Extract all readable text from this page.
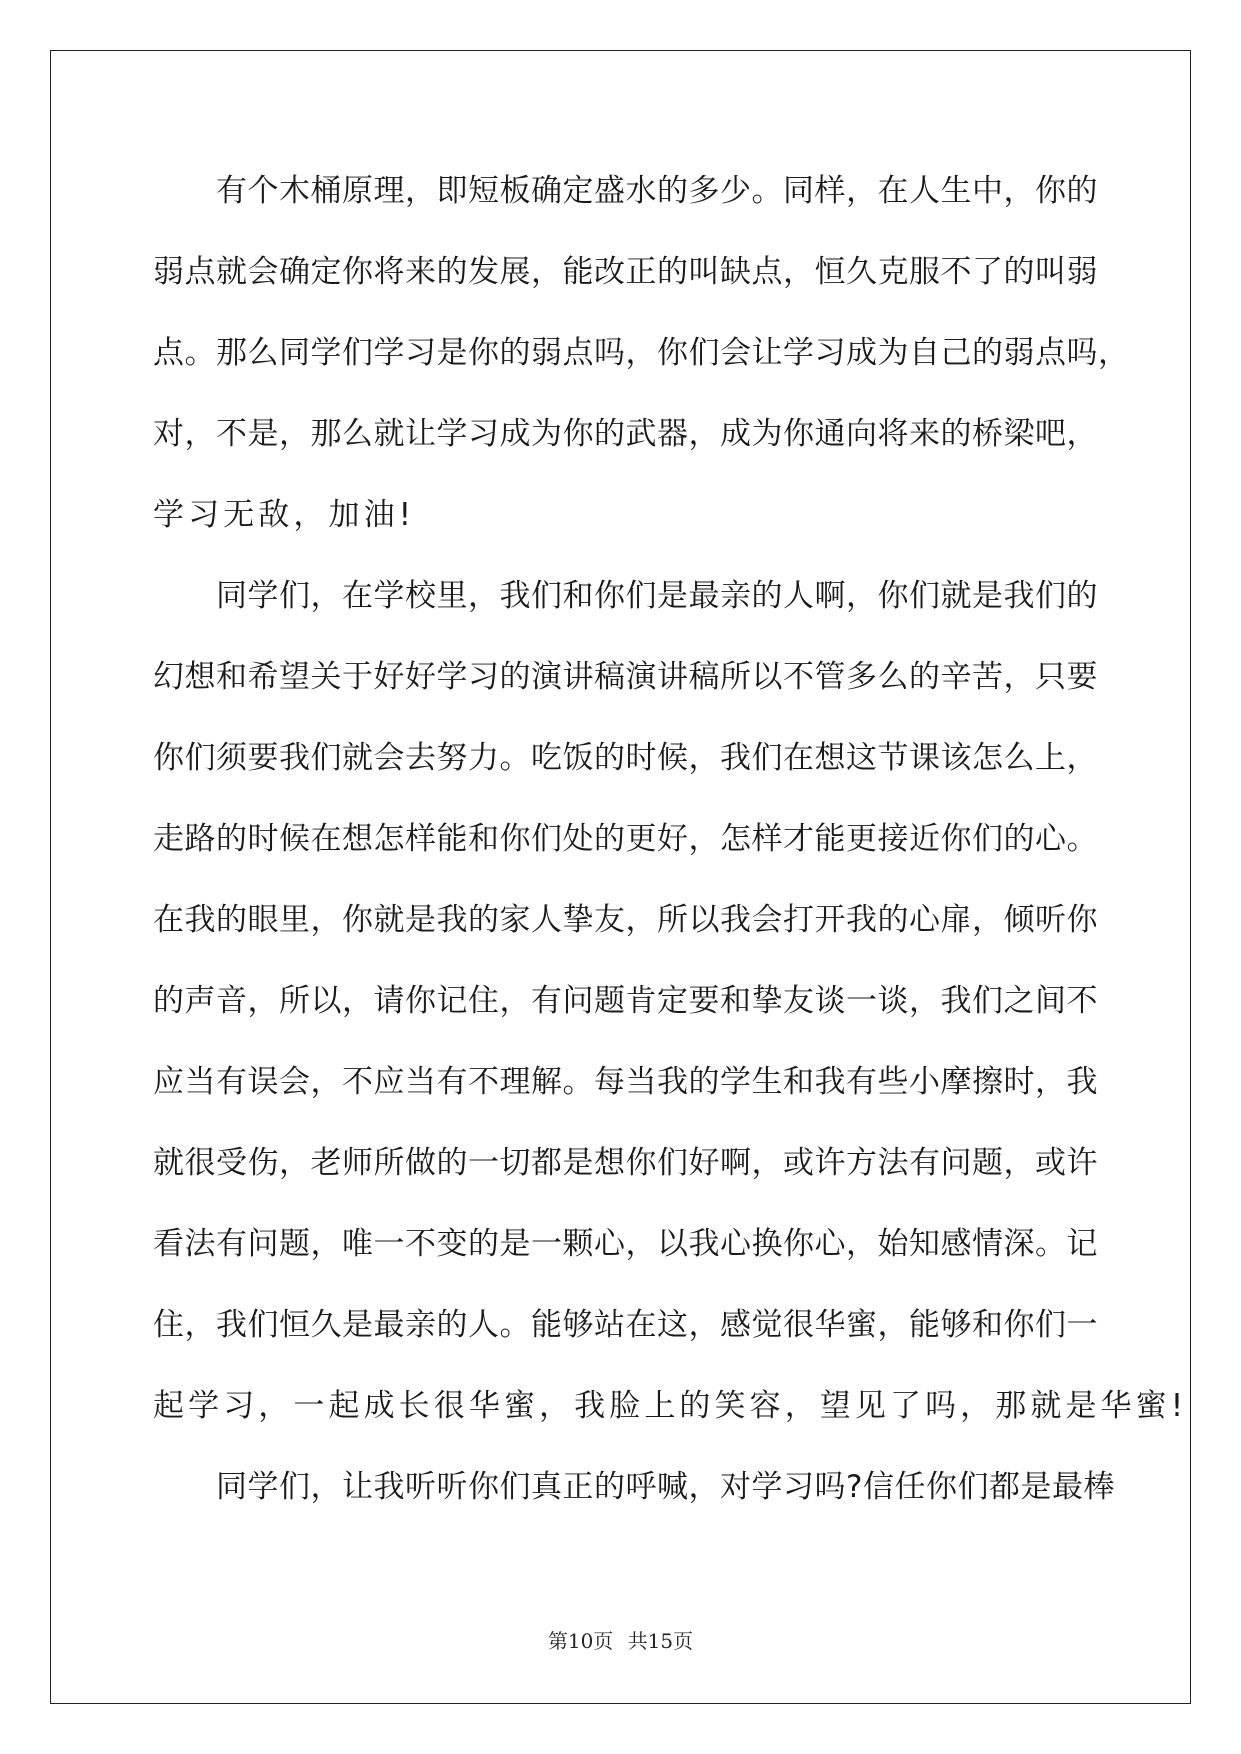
有 个 木 桶 原 理 ， 即 短 板 确 定 盛 水 的 多 少 。 同 样 ， 在 人 生 中 ， 你 的
弱 点 就 会 确 定 你 将 来 的 发 展 ， 能 改 正 的 叫 缺 点 ， 恒 久 克 服 不 了 的 叫 弱
点 。 那 么 同 学 们 学 习 是 你 的 弱 点 吗 ， 你 们 会 让 学 习 成 为 自 己 的 弱 点 吗 ，
对 ， 不 是 ， 那 么 就 让 学 习 成 为 你 的 武 器 ， 成 为 你 通 向 将 来 的 桥 梁 吧 ，
学 习 无 敌 ， 加 油 !
同 学 们 ， 在 学 校 里 ， 我 们 和 你 们 是 最 亲 的 人 啊 ， 你 们 就 是 我 们 的
幻 想 和 希 望 关 于 好 好 学 习 的 演 讲 稿 演 讲 稿 所 以 不 管 多 么 的 辛 苦 ， 只 要
你 们 须 要 我 们 就 会 去 努 力 。 吃 饭 的 时 候 ， 我 们 在 想 这 节 课 该 怎 么 上 ，
走 路 的 时 候 在 想 怎 样 能 和 你 们 处 的 更 好 ， 怎 样 才 能 更 接 近 你 们 的 心 。
在 我 的 眼 里 ， 你 就 是 我 的 家 人 挚 友 ， 所 以 我 会 打 开 我 的 心 扉 ， 倾 听 你
的 声 音 ， 所 以 ， 请 你 记 住 ， 有 问 题 肯 定 要 和 挚 友 谈 一 谈 ， 我 们 之 间 不
应 当 有 误 会 ， 不 应 当 有 不 理 解 。 每 当 我 的 学 生 和 我 有 些 小 摩 擦 时 ， 我
就 很 受 伤 ， 老 师 所 做 的 一 切 都 是 想 你 们 好 啊 ， 或 许 方 法 有 问 题 ， 或 许
看 法 有 问 题 ， 唯 一 不 变 的 是 一 颗 心 ， 以 我 心 换 你 心 ， 始 知 感 情 深 。 记
住 ， 我 们 恒 久 是 最 亲 的 人 。 能 够 站 在 这 ， 感 觉 很 华 蜜 ， 能 够 和 你 们 一
起 学 习 ， 一 起 成 长 很 华 蜜 ， 我 脸 上 的 笑 容 ， 望 见 了 吗 ， 那 就 是 华 蜜 !
同 学 们 ， 让 我 听 听 你 们 真 正 的 呼 喊 ， 对 学 习 吗 ? 信 任 你 们 都 是 最 棒
第10页 共15页
